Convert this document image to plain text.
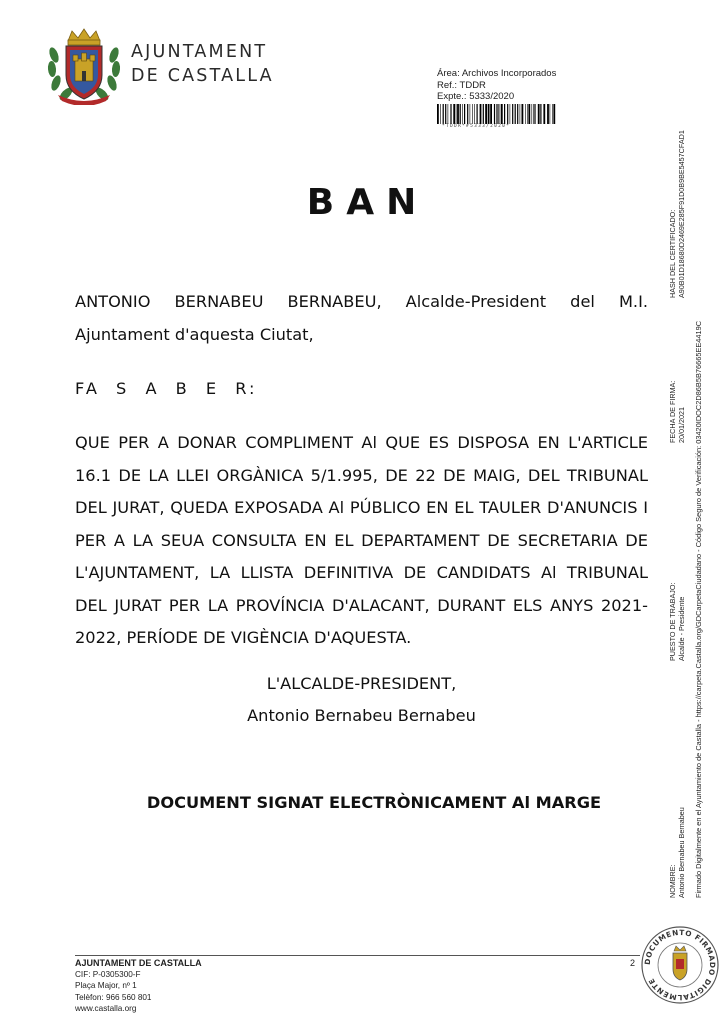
AJUNTAMENT
DE CASTALLA	Área: Archivos Incorporados
Ref.: TDDR
Expte.: 5333/2020
*TDDR*#5333/2020*
BAN
ANTONIO BERNABEU BERNABEU, Alcalde-President del M.I. Ajuntament d'aquesta Ciutat,
FA S A B E R:
QUE PER A DONAR COMPLIMENT Al QUE ES DISPOSA EN L'ARTICLE 16.1 DE LA LLEI ORGÀNICA 5/1.995, DE 22 DE MAIG, DEL TRIBUNAL DEL JURAT, QUEDA EXPOSADA Al PÚBLICO EN EL TAULER D'ANUNCIS I PER A LA SEUA CONSULTA EN EL DEPARTAMENT DE SECRETARIA DE L'AJUNTAMENT, LA LLISTA DEFINITIVA DE CANDIDATS Al TRIBUNAL DEL JURAT PER LA PROVÍNCIA D'ALACANT, DURANT ELS ANYS 2021-2022, PERÍODE DE VIGÈNCIA D'AQUESTA.
L'ALCALDE-PRESIDENT,
Antonio Bernabeu Bernabeu
DOCUMENT SIGNAT ELECTRÒNICAMENT Al MARGE
NOMBRE: Antonio Bernabeu Bernabeu
PUESTO DE TRABAJO: Alcalde - Presidente
FECHA DE FIRMA: 20/01/2021
HASH DEL CERTIFICADO: A90B01D18680D2469E285F91D0B9BE5457CFAD1
Firmado Digitalmente en el Ayuntamiento de Castalla - https://carpeta.Castalla.org/GDCarpetaCiudadano - Código Seguro de Verificación: 03420IDOC2D86B5B76665EE4419C
2
AJUNTAMENT DE CASTALLA
CIF: P-0305300-F
Plaça Major, nº 1
Telèfon: 966 560 801
www.castalla.org
DOCUMENTO FIRMADO DIGITALMENTE
